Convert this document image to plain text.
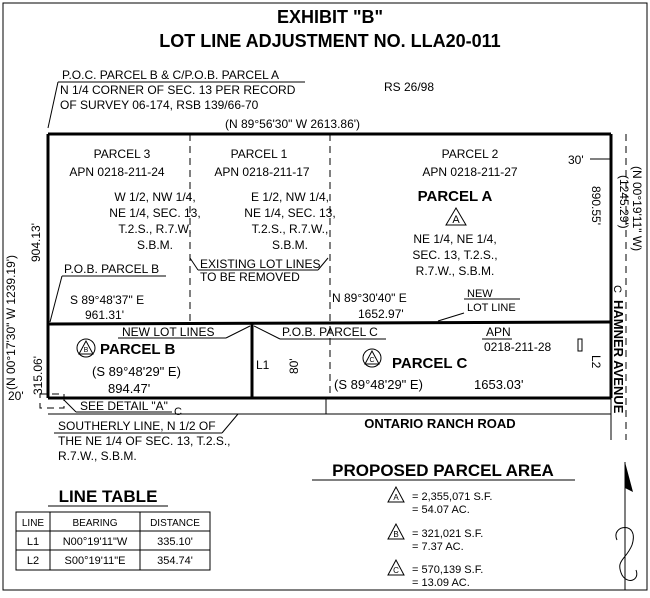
EXHIBIT "B"
LOT LINE ADJUSTMENT NO. LLA20-011
P.O.C. PARCEL B & C/P.O.B. PARCEL A
N 1/4 CORNER OF SEC. 13 PER RECORD
OF SURVEY 06-174, RSB 139/66-70
RS 26/98
(N 89°56'30" W 2613.86')
PARCEL 3
APN 0218-211-24
W 1/2, NW 1/4,
NE 1/4, SEC. 13,
T.2.S., R.7.W,
S.B.M.
PARCEL 1
APN 0218-211-17
E 1/2, NW 1/4,
NE 1/4, SEC. 13,
T.2.S., R.7.W.,
S.B.M.
PARCEL 2
APN 0218-211-27
PARCEL A
A
NE 1/4, NE 1/4,
SEC. 13, T.2.S.,
R.7.W., S.B.M.
EXISTING LOT LINES
TO BE REMOVED
P.O.B. PARCEL B
S 89°48'37" E
961.31'
N 89°30'40" E
1652.97'
NEW
LOT LINE
NEW LOT LINES	P.O.B. PARCEL C	APN
0218-211-28
B PARCEL B
(S 89°48'29" E)
894.47'
L1 80'	C PARCEL C
(S 89°48'29" E)	1653.03'
L2
(N 00°17'30" W 1239.19')
904.13'
315.06'
20'
30'
890.55' (N 00°19'11" W)
(1245.29')
ONTARIO RANCH ROAD
HAMNER AVENUE
C
SEE DETAIL "A" C
SOUTHERLY LINE, N 1/2 OF
THE NE 1/4 OF SEC. 13, T.2.S.,
R.7.W., S.B.M.
LINE TABLE
PROPOSED PARCEL AREA
A = 2,355,071 S.F.
= 54.07 AC.
B = 321,021 S.F.
= 7.37 AC.
C = 570,139 S.F.
= 13.09 AC.
LINE	BEARING	DISTANCE
L1 N00°19'11"W	335.10'
L2 S00°19'11"E	354.74'
